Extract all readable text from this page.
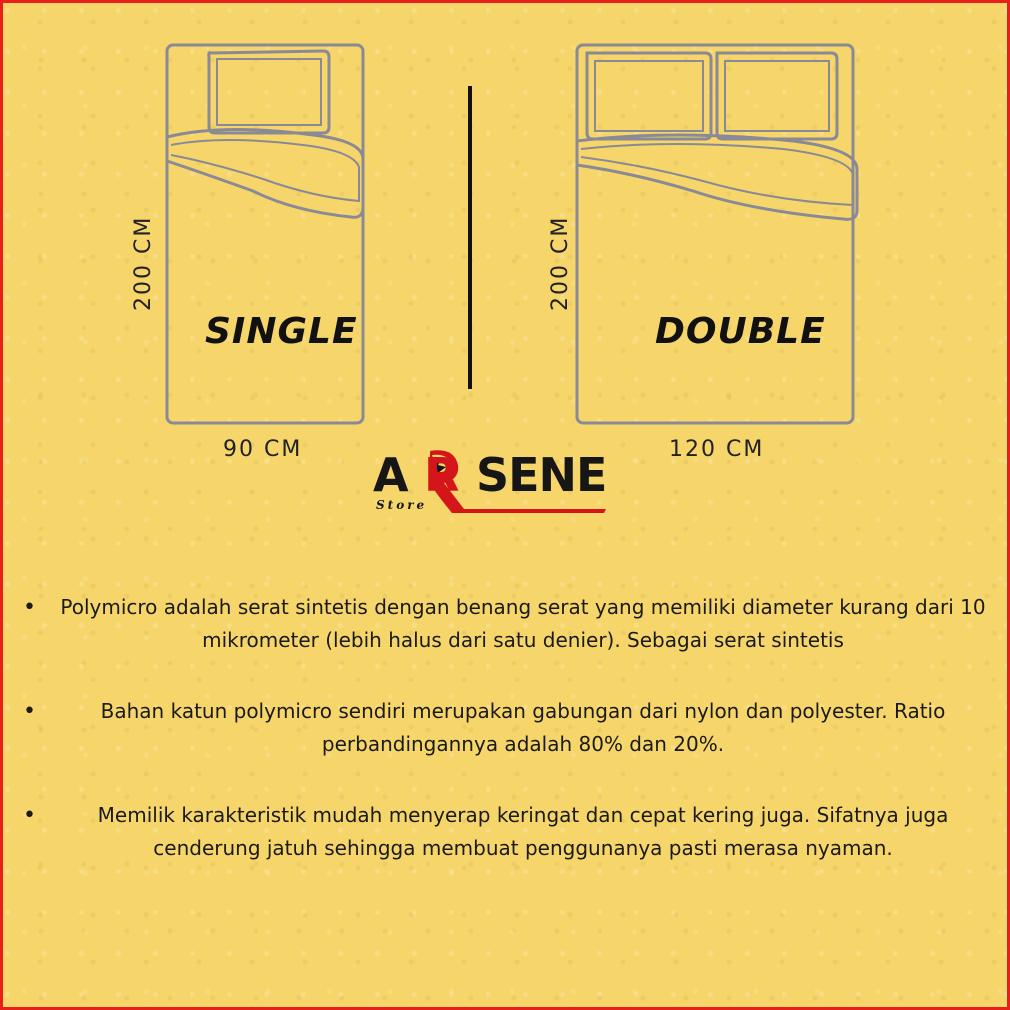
SINGLE
200 CM
90 CM
DOUBLE
200 CM
120 CM
A R SENE
Store
•	Polymicro adalah serat sintetis dengan benang serat yang memiliki diameter kurang dari 10 mikrometer (lebih halus dari satu denier). Sebagai serat sintetis

•	Bahan katun polymicro sendiri merupakan gabungan dari nylon dan polyester. Ratio perbandingannya adalah 80% dan 20%.

•	Memilik karakteristik mudah menyerap keringat dan cepat kering juga. Sifatnya juga cenderung jatuh sehingga membuat penggunanya pasti merasa nyaman.
